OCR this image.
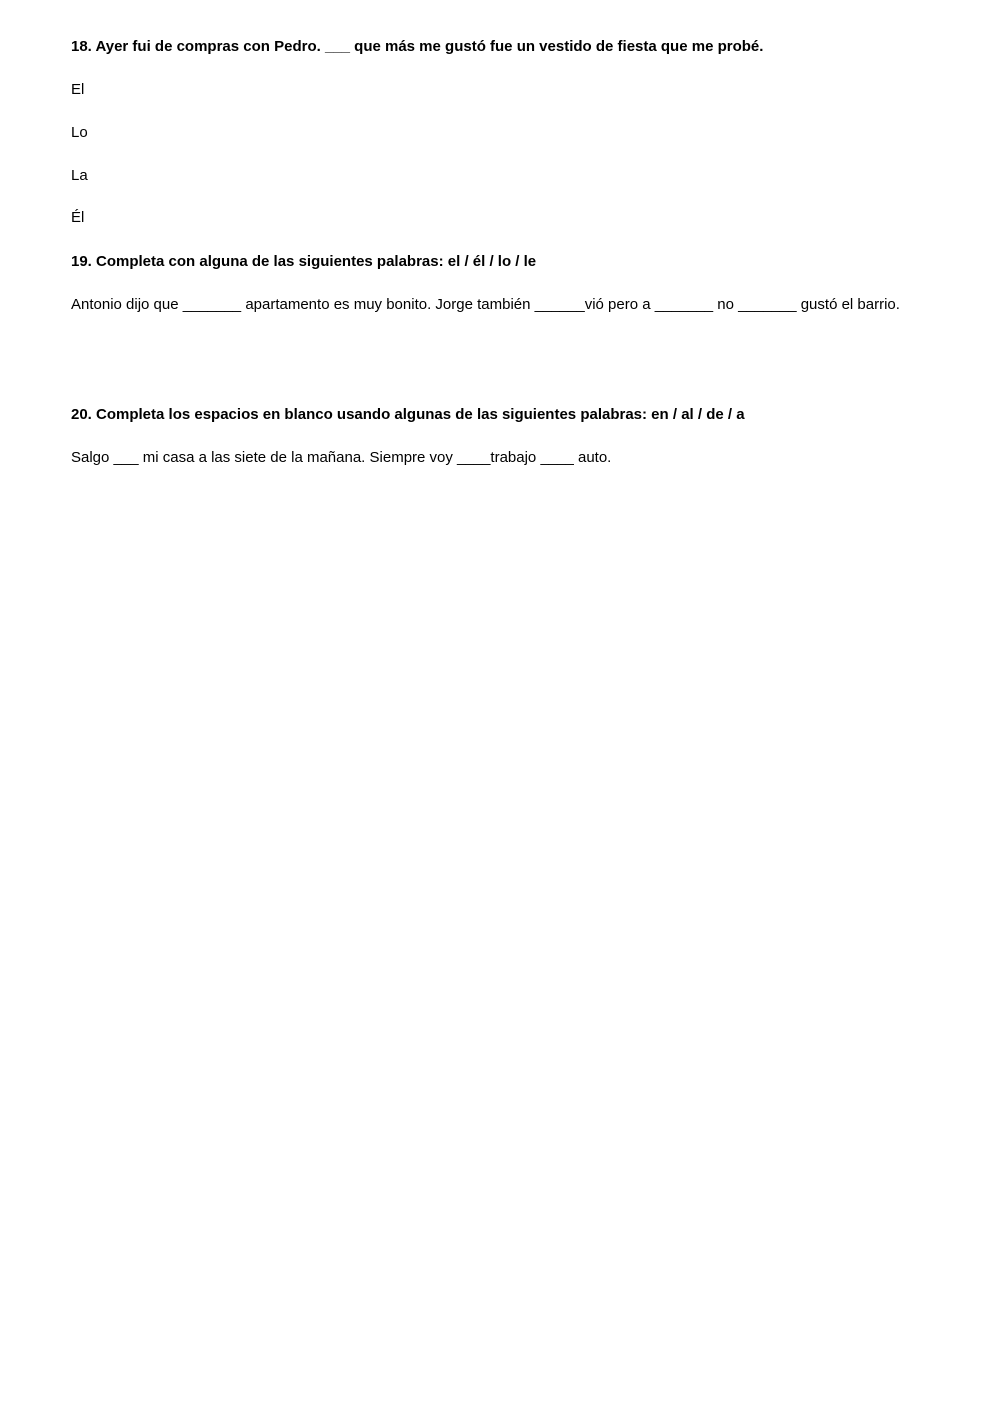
18. Ayer fui de compras con Pedro. ___ que más me gustó fue un vestido de fiesta que me probé.
El
Lo
La
Él
19. Completa con alguna de las siguientes palabras: el / él / lo / le
Antonio dijo que _______ apartamento es muy bonito. Jorge también ______vió pero a _______ no _______ gustó el barrio.
20. Completa los espacios en blanco usando algunas de las siguientes palabras: en / al / de / a
Salgo ___ mi casa a las siete de la mañana. Siempre voy ____trabajo ____ auto.
